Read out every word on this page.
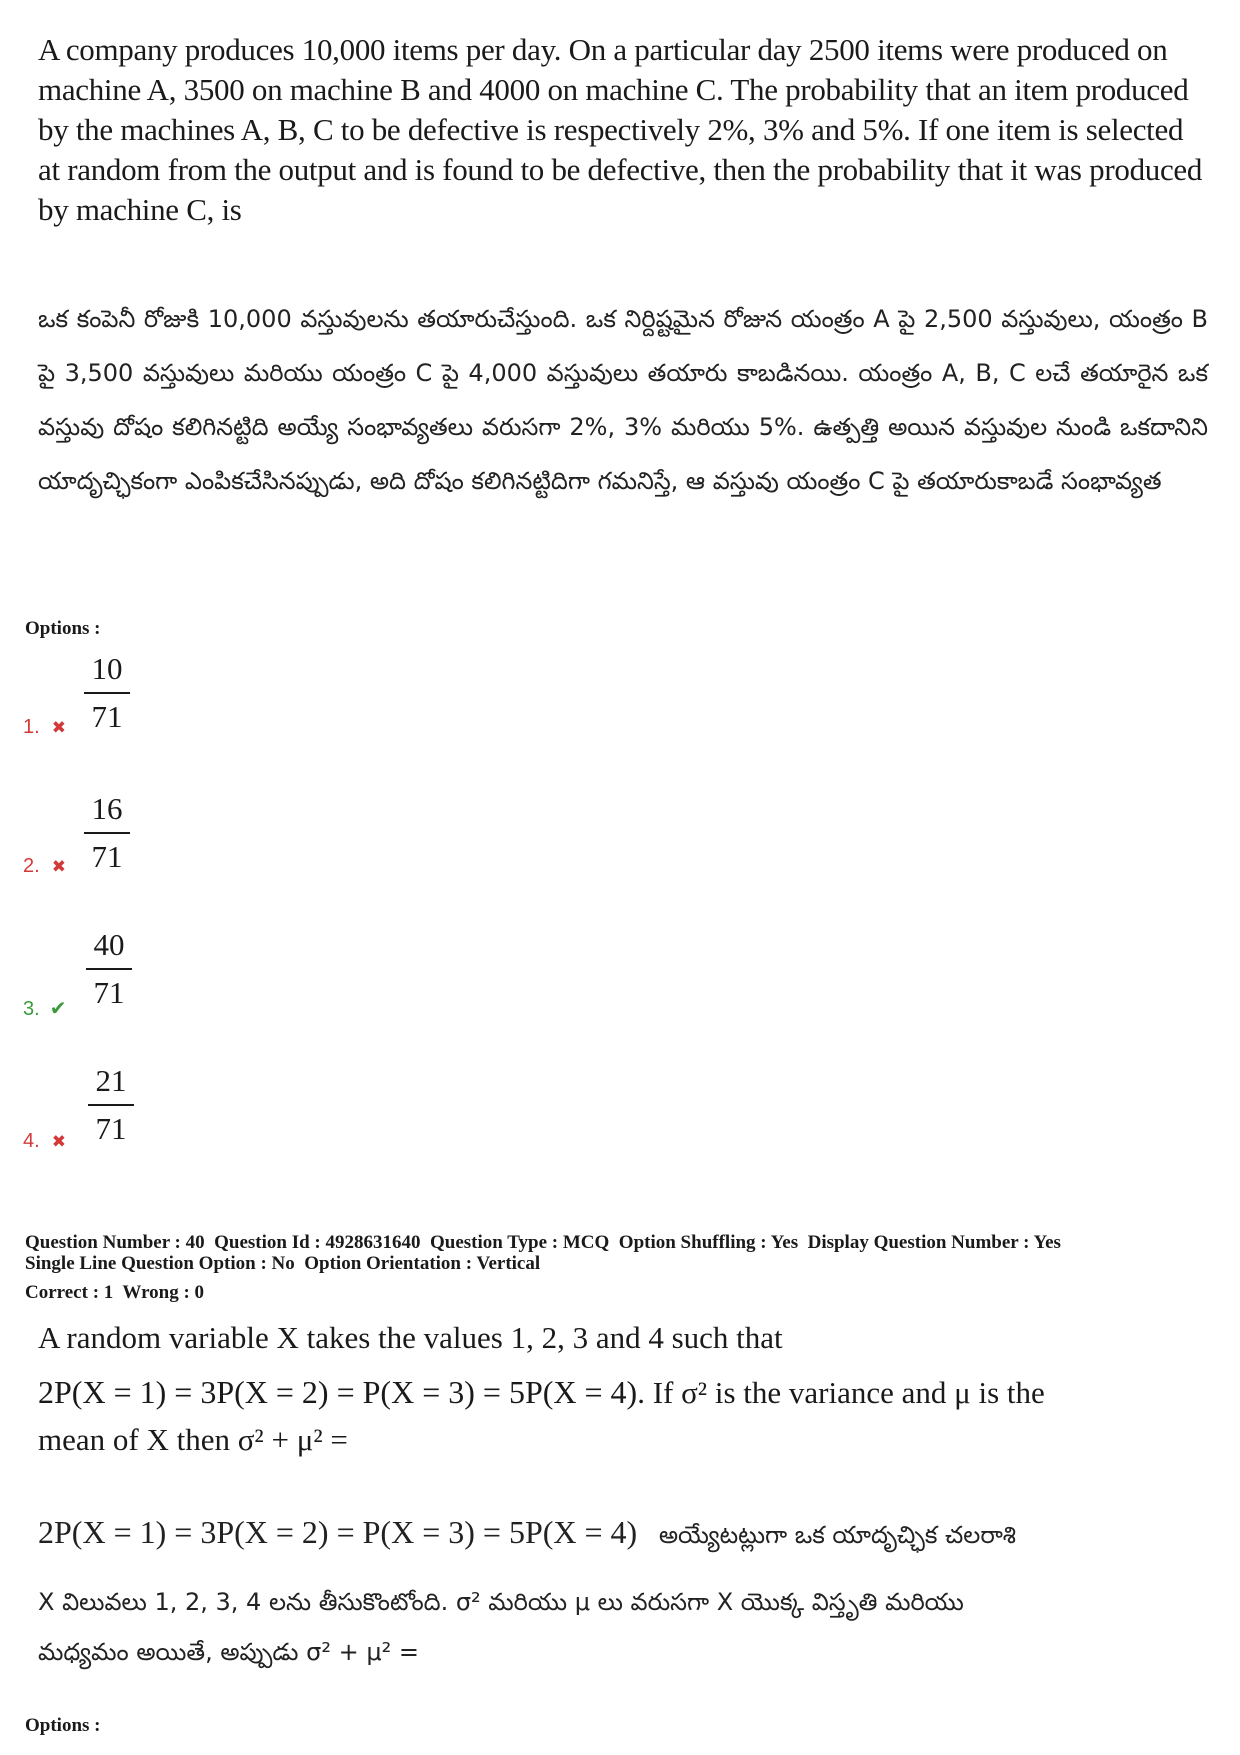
A company produces 10,000 items per day. On a particular day 2500 items were produced on machine A, 3500 on machine B and 4000 on machine C. The probability that an item produced by the machines A, B, C to be defective is respectively 2%, 3% and 5%. If one item is selected at random from the output and is found to be defective, then the probability that it was produced by machine C, is
ఒక కంపెనీ రోజుకి 10,000 వస్తువులను తయారుచేస్తుంది. ఒక నిర్దిష్టమైన రోజున యంత్రం A పై 2,500 వస్తువులు, యంత్రం B పై 3,500 వస్తువులు మరియు యంత్రం C పై 4,000 వస్తువులు తయారు కాబడినయి. యంత్రం A, B, C లచే తయారైన ఒక వస్తువు దోషం కలిగినట్టిది అయ్యే సంభావ్యతలు వరుసగా 2%, 3% మరియు 5%. ఉత్పత్తి అయిన వస్తువుల నుండి ఒకదానిని యాదృచ్ఛికంగా ఎంపికచేసినప్పుడు, అది దోషం కలిగినట్టిదిగా గమనిస్తే, ఆ వస్తువు యంత్రం C పై తయారుకాబడే సంభావ్యత
Options :
1. ✖ $\frac{10}{71}$
2. ✖ $\frac{16}{71}$
3. ✔ $\frac{40}{71}$
4. ✖ $\frac{21}{71}$
Question Number : 40  Question Id : 4928631640  Question Type : MCQ  Option Shuffling : Yes  Display Question Number : Yes
Single Line Question Option : No  Option Orientation : Vertical
Correct : 1  Wrong : 0
A random variable X takes the values 1, 2, 3 and 4 such that
2P(X = 1) = 3P(X = 2) = P(X = 3) = 5P(X = 4). If σ² is the variance and μ is the
mean of X then σ² + μ² =
2P(X = 1) = 3P(X = 2) = P(X = 3) = 5P(X = 4) అయ్యేటట్లుగా ఒక యాదృచ్ఛిక చలరాశి
X విలువలు 1, 2, 3, 4 లను తీసుకొంటోంది. σ² మరియు μ లు వరుసగా X యొక్క విస్తృతి మరియు
మధ్యమం అయితే, అప్పుడు σ² + μ² =
Options :
